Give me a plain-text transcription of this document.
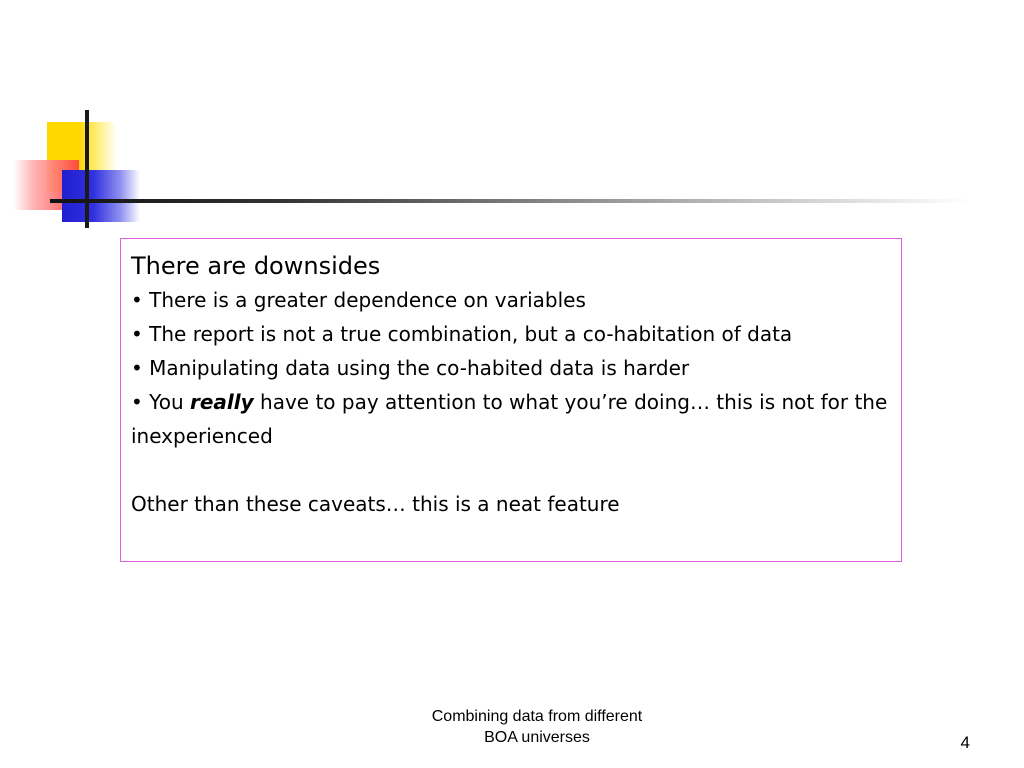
There are downsides

• There is a greater dependence on variables

• The report is not a true combination, but a co-habitation of data

• Manipulating data using the co-habited data is harder

• You really have to pay attention to what you’re doing… this is not for the inexperienced

Other than these caveats… this is a neat feature

Combining data from different
BOA universes	4
